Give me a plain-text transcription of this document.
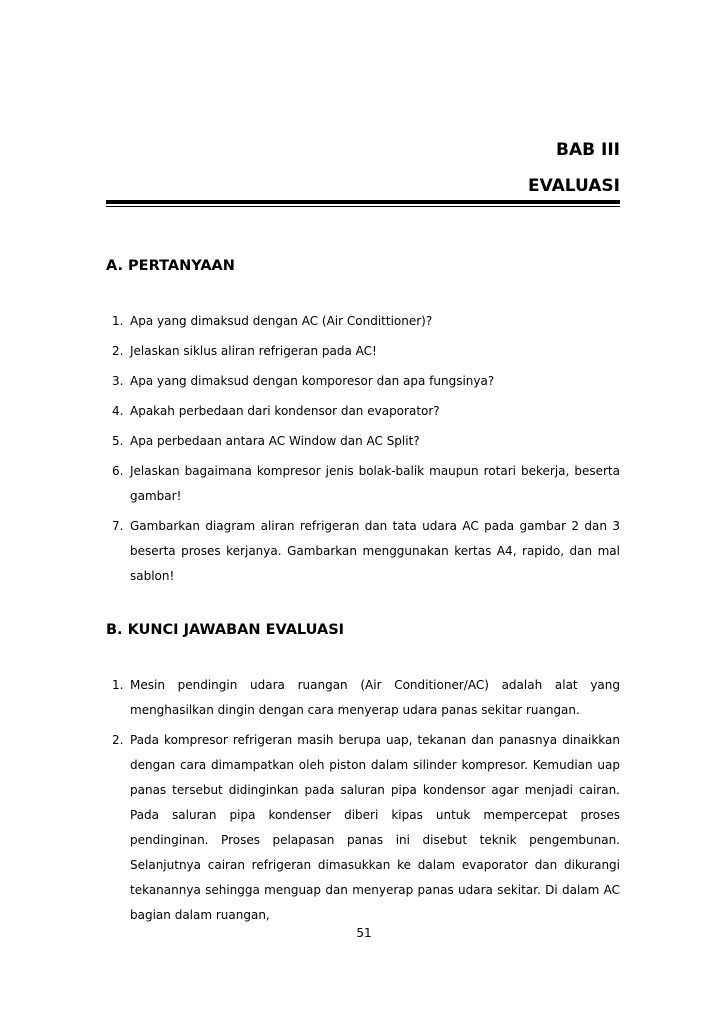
BAB III
EVALUASI
A. PERTANYAAN
1. Apa yang dimaksud dengan AC (Air Condittioner)?
2. Jelaskan siklus aliran refrigeran pada AC!
3. Apa yang dimaksud dengan komporesor dan apa fungsinya?
4. Apakah perbedaan dari kondensor dan evaporator?
5. Apa perbedaan antara AC Window dan AC Split?
6. Jelaskan bagaimana kompresor jenis bolak-balik maupun rotari bekerja, beserta gambar!
7. Gambarkan diagram aliran refrigeran dan tata udara AC pada gambar 2 dan 3 beserta proses kerjanya. Gambarkan menggunakan kertas A4, rapido, dan mal sablon!
B. KUNCI JAWABAN EVALUASI
1. Mesin pendingin udara ruangan (Air Conditioner/AC) adalah alat yang menghasilkan dingin dengan cara menyerap udara panas sekitar ruangan.
2. Pada kompresor refrigeran masih berupa uap, tekanan dan panasnya dinaikkan dengan cara dimampatkan oleh piston dalam silinder kompresor. Kemudian uap panas tersebut didinginkan pada saluran pipa kondensor agar menjadi cairan. Pada saluran pipa kondenser diberi kipas untuk mempercepat proses pendinginan. Proses pelapasan panas ini disebut teknik pengembunan. Selanjutnya cairan refrigeran dimasukkan ke dalam evaporator dan dikurangi tekanannya sehingga menguap dan menyerap panas udara sekitar. Di dalam AC bagian dalam ruangan,
51
